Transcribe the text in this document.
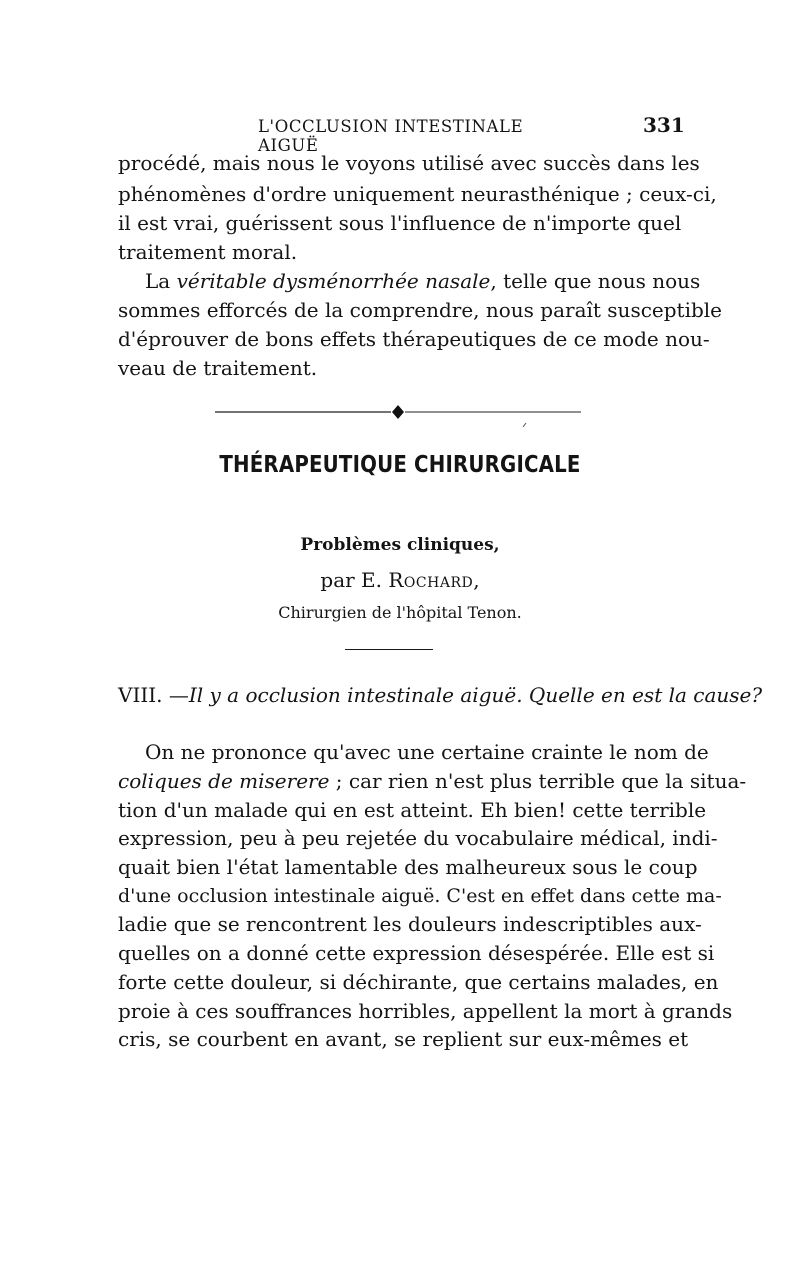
L'OCCLUSION INTESTINALE AIGUË
331
procédé, mais nous le voyons utilisé avec succès dans les
phénomènes d'ordre uniquement neurasthénique ; ceux-ci,
il est vrai, guérissent sous l'influence de n'importe quel
traitement moral.
La véritable dysménorrhée nasale, telle que nous nous
sommes efforcés de la comprendre, nous paraît susceptible
d'éprouver de bons effets thérapeutiques de ce mode nou-
veau de traitement.
THÉRAPEUTIQUE CHIRURGICALE
Problèmes cliniques,
par E. Rochard,
Chirurgien de l'hôpital Tenon.
VIII. —Il y a occlusion intestinale aiguë. Quelle en est la cause?
On ne prononce qu'avec une certaine crainte le nom de
coliques de miserere ; car rien n'est plus terrible que la situa-
tion d'un malade qui en est atteint. Eh bien! cette terrible
expression, peu à peu rejetée du vocabulaire médical, indi-
quait bien l'état lamentable des malheureux sous le coup
d'une occlusion intestinale aiguë. C'est en effet dans cette ma-
ladie que se rencontrent les douleurs indescriptibles aux-
quelles on a donné cette expression désespérée. Elle est si
forte cette douleur, si déchirante, que certains malades, en
proie à ces souffrances horribles, appellent la mort à grands
cris, se courbent en avant, se replient sur eux-mêmes et
